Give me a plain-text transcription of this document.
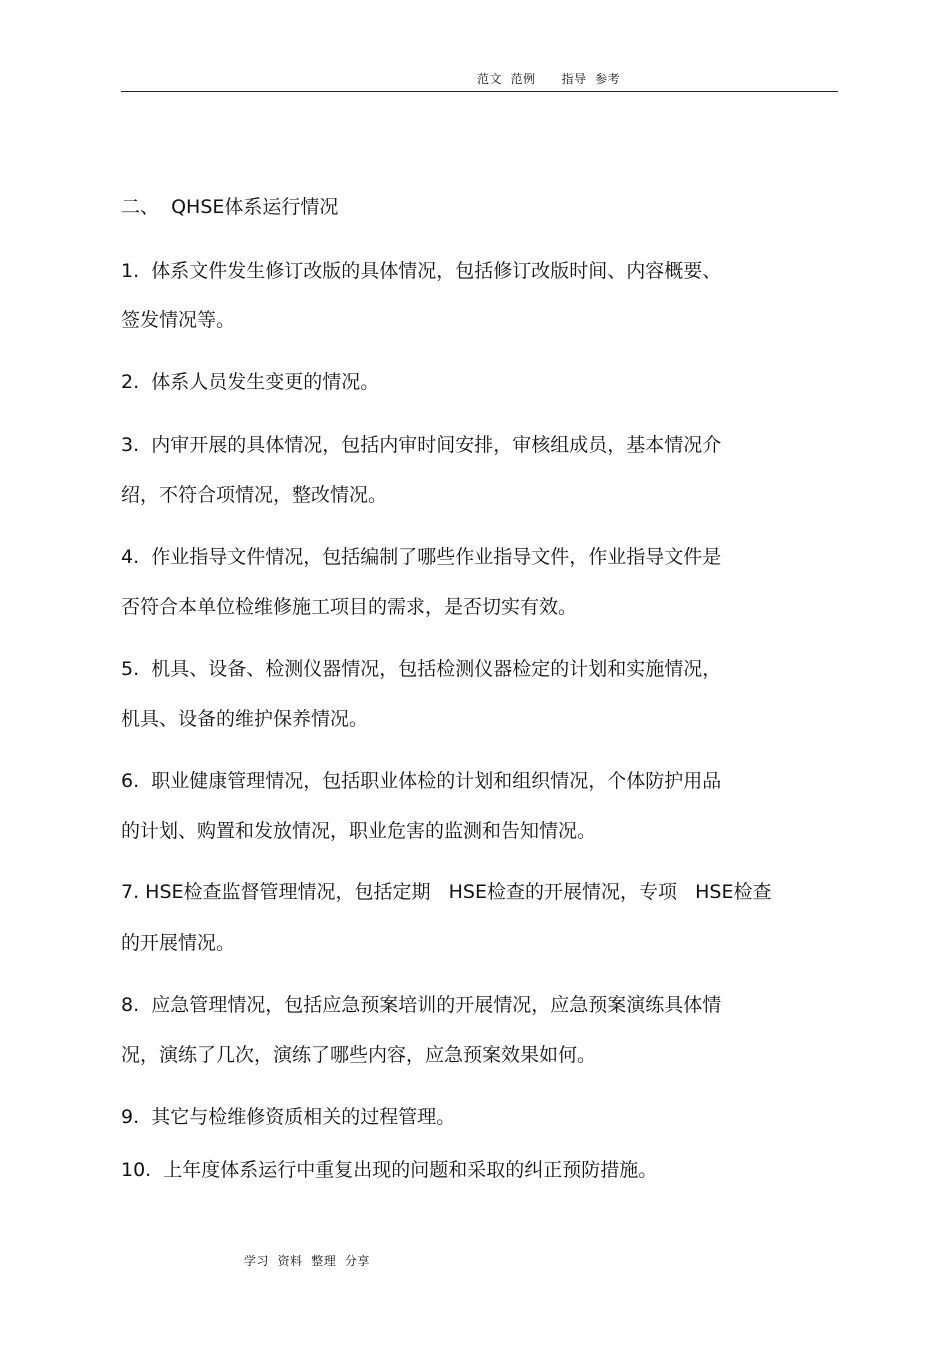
范文  范例      指导  参考
二、  QHSE体系运行情况
1.  体系文件发生修订改版的具体情况，包括修订改版时间、内容概要、
签发情况等。
2.  体系人员发生变更的情况。
3.  内审开展的具体情况，包括内审时间安排，审核组成员，基本情况介
绍，不符合项情况，整改情况。
4.  作业指导文件情况，包括编制了哪些作业指导文件，作业指导文件是
否符合本单位检维修施工项目的需求，是否切实有效。
5.  机具、设备、检测仪器情况，包括检测仪器检定的计划和实施情况，
机具、设备的维护保养情况。
6.  职业健康管理情况，包括职业体检的计划和组织情况，个体防护用品
的计划、购置和发放情况，职业危害的监测和告知情况。
7. HSE检查监督管理情况，包括定期   HSE检查的开展情况，专项   HSE检查
的开展情况。
8.  应急管理情况，包括应急预案培训的开展情况，应急预案演练具体情
况，演练了几次，演练了哪些内容，应急预案效果如何。
9.  其它与检维修资质相关的过程管理。
10.  上年度体系运行中重复出现的问题和采取的纠正预防措施。
学习  资料  整理  分享
